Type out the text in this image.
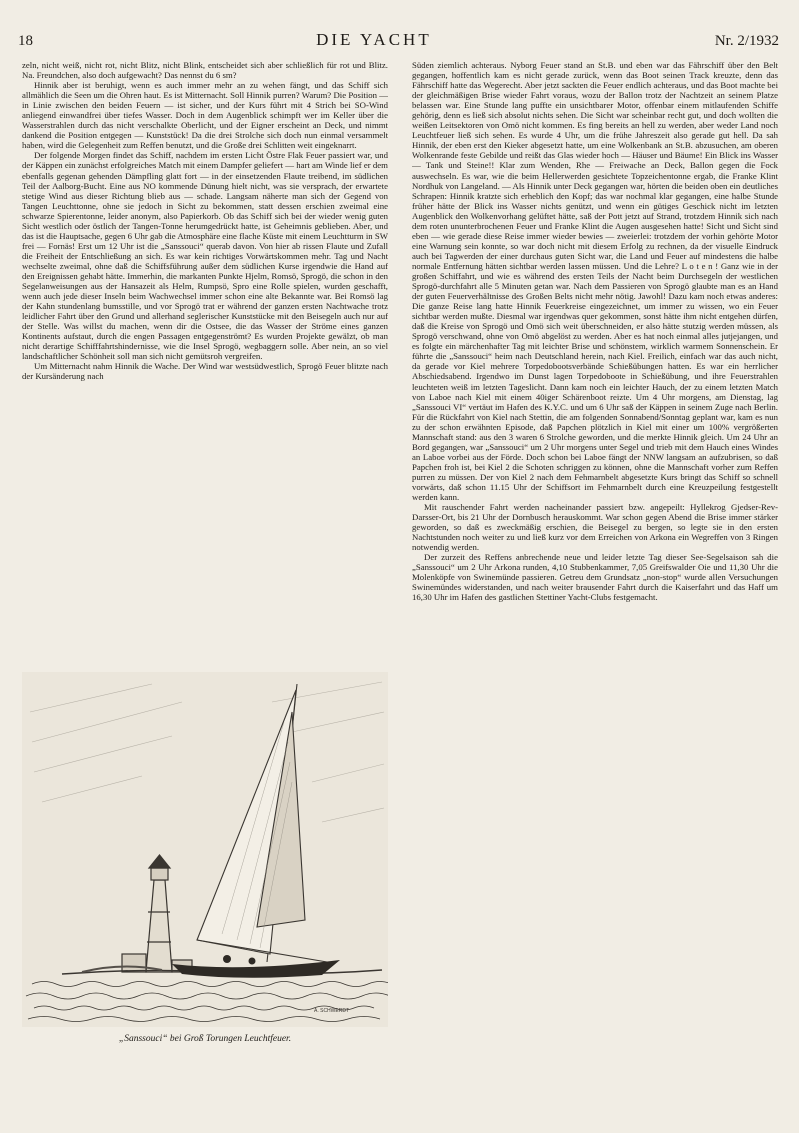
18	DIE YACHT	Nr. 2/1932

zeln, nicht weiß, nicht rot, nicht Blitz, nicht Blink, entscheidet sich aber schließlich für rot und Blitz. Na. Freundchen, also doch aufgewacht? Das nennst du 6 sm?

Hinnik aber ist beruhigt, wenn es auch immer mehr an zu wehen fängt, und das Schiff sich allmählich die Seen um die Ohren haut. Es ist Mitternacht. Soll Hinnik purren? Warum? Die Position — in Linie zwischen den beiden Feuern — ist sicher, und der Kurs führt mit 4 Strich bei SO-Wind anliegend einwandfrei über tiefes Wasser. Doch in dem Augenblick schimpft wer im Keller über die Wasserstrahlen durch das nicht verschalkte Oberlicht, und der Eigner erscheint an Deck, und nimmt dankend die Position entgegen — Kunststück! Da die drei Strolche sich doch nun einmal versammelt haben, wird die Gelegenheit zum Reffen benutzt, und die Große drei Schlitten weit eingeknarrt.

Der folgende Morgen findet das Schiff, nachdem im ersten Licht Östre Flak Feuer passiert war, und der Käppen ein zunächst erfolgreiches Match mit einem Dampfer geliefert — hart am Winde lief er dem ebenfalls gegenan gehenden Dämpfling glatt fort — in der einsetzenden Flaute treibend, im südlichen Teil der Aalborg-Bucht. Eine aus NO kommende Dünung hielt nicht, was sie versprach, der erwartete stetige Wind aus dieser Richtung blieb aus — schade. Langsam näherte man sich der Gegend von Tangen Leuchttonne, ohne sie jedoch in Sicht zu bekommen, statt dessen erschien zweimal eine schwarze Spierentonne, leider anonym, also Papierkorb. Ob das Schiff sich bei der wieder wenig guten Sicht westlich oder östlich der Tangen-Tonne herumgedrückt hatte, ist Geheimnis geblieben. Aber, und das ist die Hauptsache, gegen 6 Uhr gab die Atmosphäre eine flache Küste mit einem Leuchtturm in SW frei — Fornäs! Erst um 12 Uhr ist die „Sanssouci“ querab davon. Von hier ab rissen Flaute und Zufall die Freiheit der Entschließung an sich. Es war kein richtiges Vorwärtskommen mehr. Tag und Nacht wechselte zweimal, ohne daß die Schiffsführung außer dem südlichen Kurse irgendwie die Hand auf den Ereignissen gehabt hätte. Immerhin, die markanten Punkte Hjelm, Romsö, Sprogö, die schon in den Segelanweisungen aus der Hansazeit als Helm, Rumpsö, Spro eine Rolle spielen, wurden geschafft, wenn auch jede dieser Inseln beim Wachwechsel immer schon eine alte Bekannte war. Bei Romsö lag der Kahn stundenlang bumsstille, und vor Sprogö trat er während der ganzen ersten Nachtwache trotz leidlicher Fahrt über den Grund und allerhand seglerischer Kunststücke mit den Beisegeln auch nur auf der Stelle. Was willst du machen, wenn dir die Ostsee, die das Wasser der Ströme eines ganzen Kontinents aufstaut, durch die engen Passagen entgegenströmt? Es wurden Projekte gewälzt, ob man nicht derartige Schifffahrtshindernisse, wie die Insel Sprogö, wegbaggern solle. Aber nein, an so viel landschaftlicher Schönheit soll man sich nicht gemütsroh vergreifen.

Um Mitternacht nahm Hinnik die Wache. Der Wind war westsüdwestlich, Sprogö Feuer blitzte nach der Kursänderung nach

A. SCHWERDT
„Sanssouci“ bei Groß Torungen Leuchtfeuer.

Süden ziemlich achteraus. Nyborg Feuer stand an St.B. und eben war das Fährschiff über den Belt gegangen, hoffentlich kam es nicht gerade zurück, wenn das Boot seinen Track kreuzte, denn das Fährschiff hatte das Wegerecht. Aber jetzt sackten die Feuer endlich achteraus, und das Boot machte bei der gleichmäßigen Brise wieder Fahrt voraus, wozu der Ballon trotz der Nachtzeit an seinem Platze belassen war. Eine Stunde lang puffte ein unsichtbarer Motor, offenbar einem mitlaufenden Schiffe gehörig, denn es ließ sich absolut nichts sehen. Die Sicht war scheinbar recht gut, und doch wollten die weißen Leitsektoren von Omö nicht kommen. Es fing bereits an hell zu werden, aber weder Land noch Leuchtfeuer ließ sich sehen. Es wurde 4 Uhr, um die frühe Jahreszeit also gerade gut hell. Da sah Hinnik, der eben erst den Kieker abgesetzt hatte, um eine Wolkenbank an St.B. abzusuchen, am oberen Wolkenrande feste Gebilde und reißt das Glas wieder hoch — Häuser und Bäume! Ein Blick ins Wasser — Tank und Steine!! Klar zum Wenden, Rhe — Freiwache an Deck, Ballon gegen die Fock auswechseln. Es war, wie die beim Hellerwerden gesichtete Topzeichentonne ergab, die Franke Klint Nordhuk von Langeland. — Als Hinnik unter Deck gegangen war, hörten die beiden oben ein deutliches Schrapen: Hinnik kratzte sich erheblich den Kopf; das war nochmal klar gegangen, eine halbe Stunde früher hätte der Blick ins Wasser nichts genützt, und wenn ein gütiges Geschick nicht im letzten Augenblick den Wolkenvorhang gelüftet hätte, saß der Pott jetzt auf Strand, trotzdem Hinnik sich nach dem roten ununterbrochenen Feuer und Franke Klint die Augen ausgesehen hatte! Sicht und Sicht sind eben — wie gerade diese Reise immer wieder bewies — zweierlei: trotzdem der vorhin gehörte Motor eine Warnung sein konnte, so war doch nicht mit diesem Erfolg zu rechnen, da der visuelle Eindruck auch bei Tagwerden der einer durchaus guten Sicht war, die Land und Feuer auf mindestens die halbe normale Entfernung hätten sichtbar werden lassen müssen. Und die Lehre? L o t e n ! Ganz wie in der großen Schiffahrt, und wie es während des ersten Teils der Nacht beim Durchsegeln der westlichen Sprogö-durchfahrt alle 5 Minuten getan war. Nach dem Passieren von Sprogö glaubte man es an Hand der guten Feuerverhältnisse des Großen Belts nicht mehr nötig. Jawohl! Dazu kam noch etwas anderes: Die ganze Reise lang hatte Hinnik Feuerkreise eingezeichnet, um immer zu wissen, wo ein Feuer sichtbar werden mußte. Diesmal war irgendwas quer gekommen, sonst hätte ihm nicht entgehen dürfen, daß die Kreise von Sprogö und Omö sich weit überschneiden, er also hätte stutzig werden müssen, als Sprogö verschwand, ohne von Omö abgelöst zu werden. Aber es hat noch einmal alles jutjejangen, und es folgte ein märchenhafter Tag mit leichter Brise und schönstem, wirklich warmem Sonnenschein. Er führte die „Sanssouci“ heim nach Deutschland herein, nach Kiel. Freilich, einfach war das auch nicht, da gerade vor Kiel mehrere Torpedobootsverbände Schießübungen hatten. Es war ein herrlicher Abschiedsabend. Irgendwo im Dunst lagen Torpedoboote in Schießübung, und ihre Feuerstrahlen leuchteten weiß im letzten Tageslicht. Dann kam noch ein leichter Hauch, der zu einem letzten Match von Laboe nach Kiel mit einem 40iger Schärenboot reizte. Um 4 Uhr morgens, am Dienstag, lag „Sanssouci VI“ vertäut im Hafen des K.Y.C. und um 6 Uhr saß der Käppen in seinem Zuge nach Berlin. Für die Rückfahrt von Kiel nach Stettin, die am folgenden Sonnabend/Sonntag geplant war, kam es nun zu der schon erwähnten Episode, daß Papchen plötzlich in Kiel mit einer um 100% vergrößerten Mannschaft stand: aus den 3 waren 6 Strolche geworden, und die merkte Hinnik gleich. Um 24 Uhr an Bord gegangen, war „Sanssouci“ um 2 Uhr morgens unter Segel und trieb mit dem Hauch eines Windes an Laboe vorbei aus der Förde. Doch schon bei Laboe fängt der NNW langsam an aufzubrisen, so daß Papchen froh ist, bei Kiel 2 die Schoten schriggen zu können, ohne die Mannschaft vorher zum Reffen purren zu müssen. Der von Kiel 2 nach dem Fehmarnbelt abgesetzte Kurs bringt das Schiff so schnell vorwärts, daß schon 11.15 Uhr der Schiffsort im Fehmarnbelt durch eine Kreuzpeilung festgestellt werden kann.

Mit rauschender Fahrt werden nacheinander passiert bzw. angepeilt: Hyllekrog Gjedser-Rev-Darsser-Ort, bis 21 Uhr der Dornbusch herauskommt. War schon gegen Abend die Brise immer stärker geworden, so daß es zweckmäßig erschien, die Beisegel zu bergen, so legte sie in den ersten Nachtstunden noch weiter zu und ließ kurz vor dem Erreichen von Arkona ein Wegreffen von 3 Ringen notwendig werden.

Der zurzeit des Reffens anbrechende neue und leider letzte Tag dieser See-Segelsaison sah die „Sanssouci“ um 2 Uhr Arkona runden, 4,10 Stubbenkammer, 7,05 Greifswalder Oie und 11,30 Uhr die Molenköpfe von Swinemünde passieren. Getreu dem Grundsatz „non-stop“ wurde allen Versuchungen Swinemündes widerstanden, und nach weiter brausender Fahrt durch die Kaiserfahrt und das Haff um 16,30 Uhr im Hafen des gastlichen Stettiner Yacht-Clubs festgemacht.
